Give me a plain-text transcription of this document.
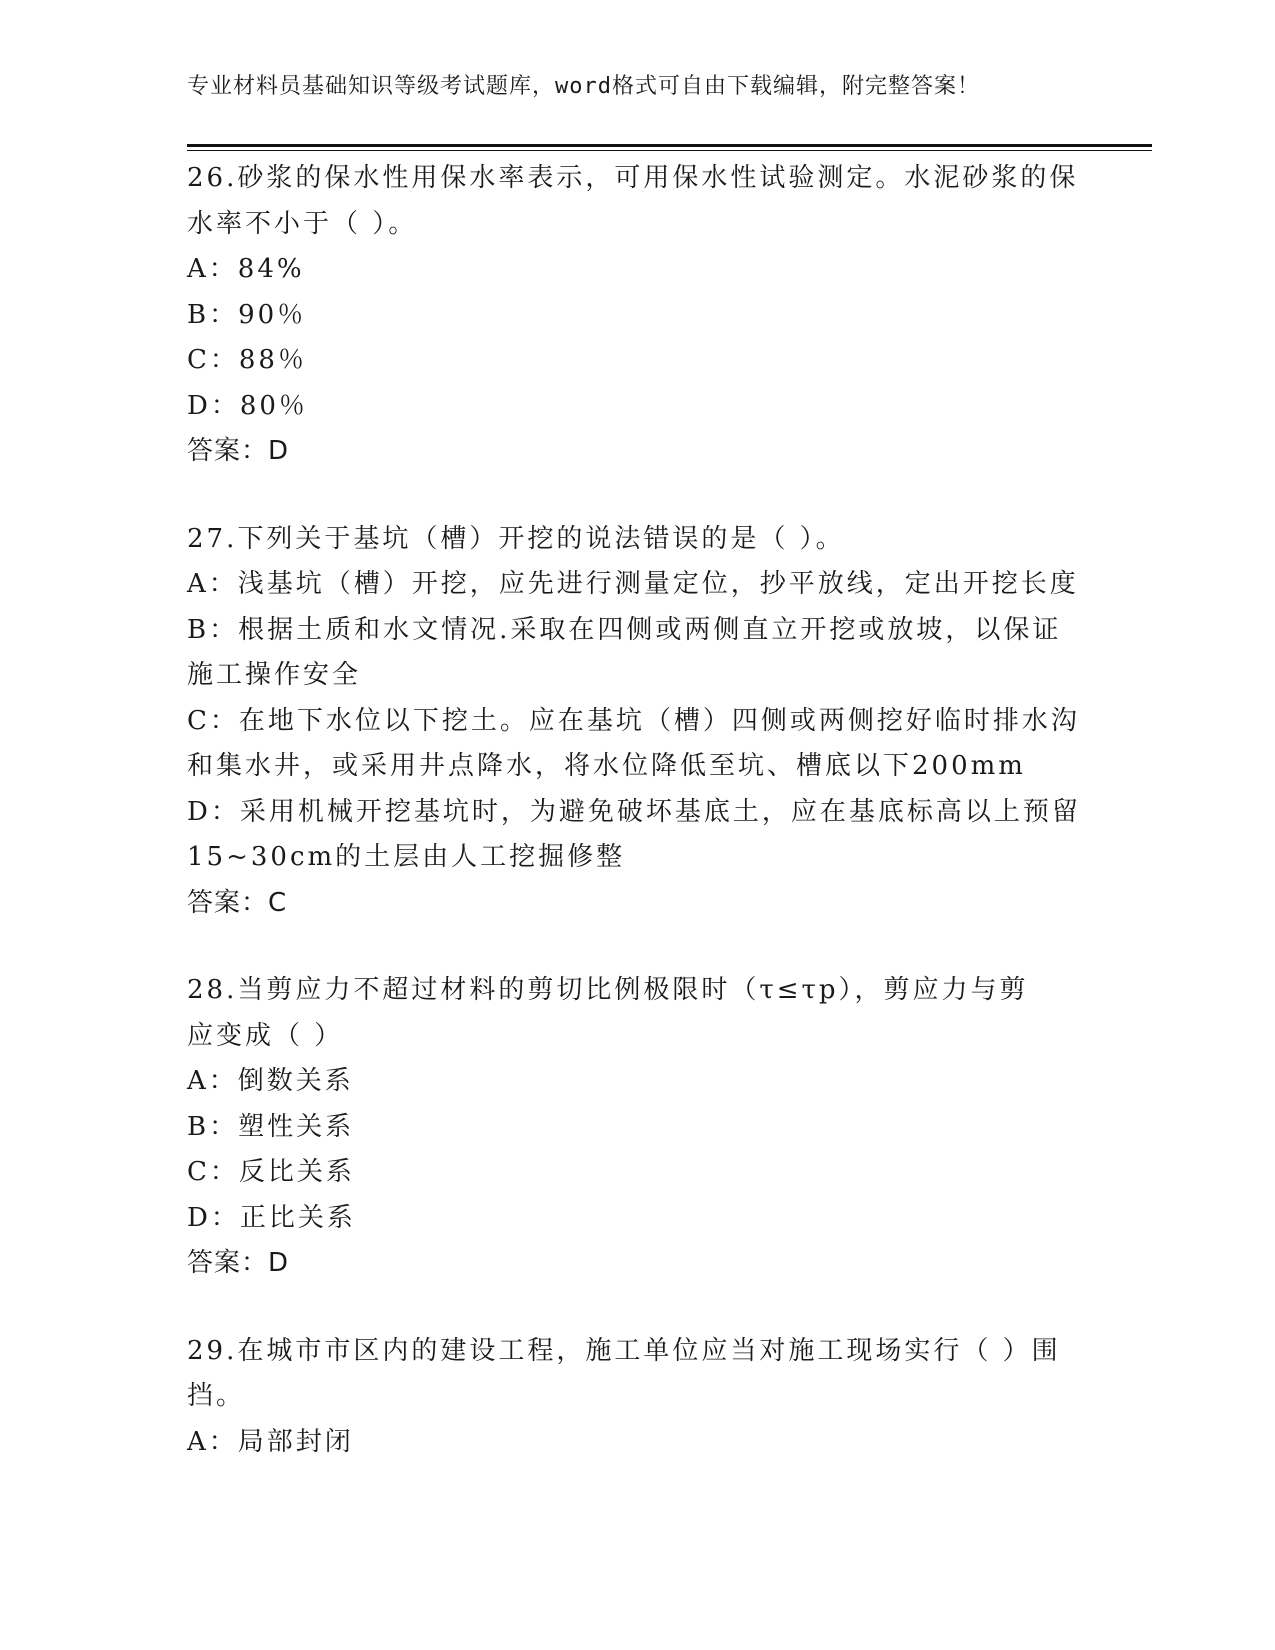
专业材料员基础知识等级考试题库，word格式可自由下载编辑，附完整答案！
26.砂浆的保水性用保水率表示，可用保水性试验测定。水泥砂浆的保
水率不小于（ ）。
A：84%
B：90％
C：88％
D：80％
答案：D
27.下列关于基坑（槽）开挖的说法错误的是（ ）。
A：浅基坑（槽）开挖，应先进行测量定位，抄平放线，定出开挖长度
B：根据土质和水文情况.采取在四侧或两侧直立开挖或放坡，以保证
施工操作安全
C：在地下水位以下挖土。应在基坑（槽）四侧或两侧挖好临时排水沟
和集水井，或采用井点降水，将水位降低至坑、槽底以下200mm
D：采用机械开挖基坑时，为避免破坏基底土，应在基底标高以上预留
15~30cm的土层由人工挖掘修整
答案：C
28.当剪应力不超过材料的剪切比例极限时（τ≤τp），剪应力与剪
应变成（ ）
A：倒数关系
B：塑性关系
C：反比关系
D：正比关系
答案：D
29.在城市市区内的建设工程，施工单位应当对施工现场实行（ ）围
挡。
A：局部封闭
